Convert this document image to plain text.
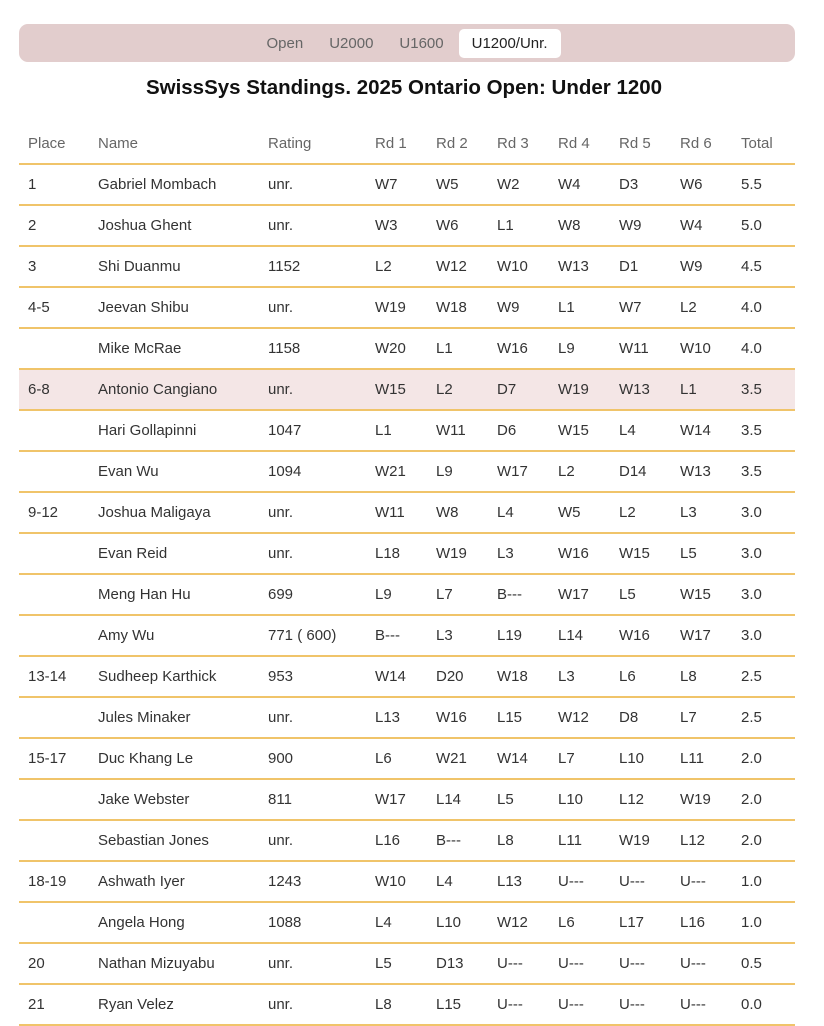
Open	U2000	U1600	U1200/Unr.
SwissSys Standings. 2025 Ontario Open: Under 1200
Place	Name	Rating	Rd 1	Rd 2	Rd 3	Rd 4	Rd 5	Rd 6	Total
1	Gabriel Mombach	unr.	W7	W5	W2	W4	D3	W6	5.5
2	Joshua Ghent	unr.	W3	W6	L1	W8	W9	W4	5.0
3	Shi Duanmu	1152	L2	W12	W10	W13	D1	W9	4.5
4-5	Jeevan Shibu	unr.	W19	W18	W9	L1	W7	L2	4.0
	Mike McRae	1158	W20	L1	W16	L9	W11	W10	4.0
6-8	Antonio Cangiano	unr.	W15	L2	D7	W19	W13	L1	3.5
	Hari Gollapinni	1047	L1	W11	D6	W15	L4	W14	3.5
	Evan Wu	1094	W21	L9	W17	L2	D14	W13	3.5
9-12	Joshua Maligaya	unr.	W11	W8	L4	W5	L2	L3	3.0
	Evan Reid	unr.	L18	W19	L3	W16	W15	L5	3.0
	Meng Han Hu	699	L9	L7	B---	W17	L5	W15	3.0
	Amy Wu	771 ( 600)	B---	L3	L19	L14	W16	W17	3.0
13-14	Sudheep Karthick	953	W14	D20	W18	L3	L6	L8	2.5
	Jules Minaker	unr.	L13	W16	L15	W12	D8	L7	2.5
15-17	Duc Khang Le	900	L6	W21	W14	L7	L10	L11	2.0
	Jake Webster	811	W17	L14	L5	L10	L12	W19	2.0
	Sebastian Jones	unr.	L16	B---	L8	L11	W19	L12	2.0
18-19	Ashwath Iyer	1243	W10	L4	L13	U---	U---	U---	1.0
	Angela Hong	1088	L4	L10	W12	L6	L17	L16	1.0
20	Nathan Mizuyabu	unr.	L5	D13	U---	U---	U---	U---	0.5
21	Ryan Velez	unr.	L8	L15	U---	U---	U---	U---	0.0
